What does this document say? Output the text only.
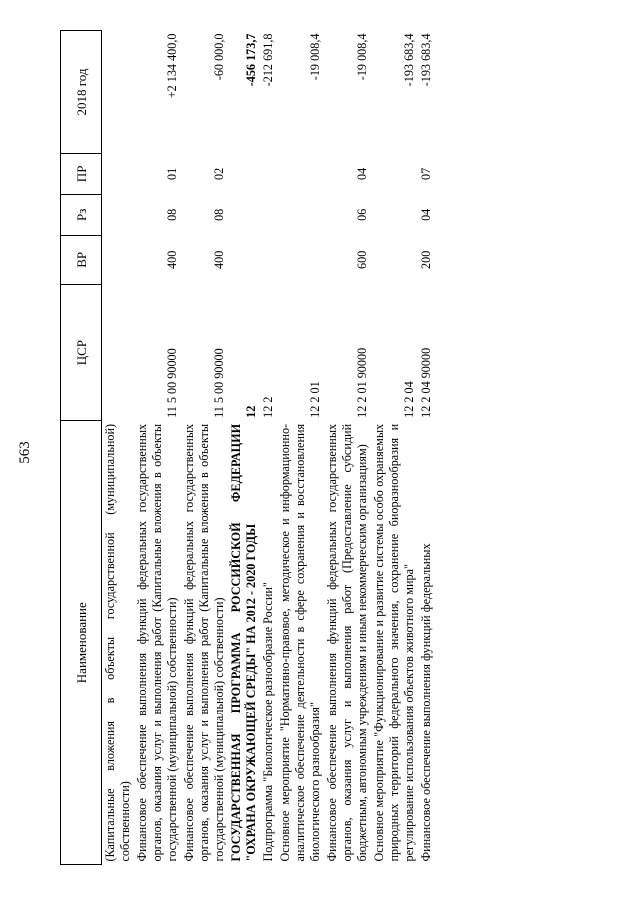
563
Наименование	ЦСР	ВР	Рз	ПР	2018 год
(Капитальные вложения в объекты государственной (муниципальной) собственности)					
Финансовое обеспечение выполнения функций федеральных государственных органов, оказания услуг и выполнения работ (Капитальные вложения в объекты государственной (муниципальной) собственности)	11 5 00 90000	400	08	01	+2 134 400,0
Финансовое обеспечение выполнения функций федеральных государственных органов, оказания услуг и выполнения работ (Капитальные вложения в объекты государственной (муниципальной) собственности)	11 5 00 90000	400	08	02	-60 000,0
ГОСУДАРСТВЕННАЯ ПРОГРАММА РОССИЙСКОЙ ФЕДЕРАЦИИ "ОХРАНА ОКРУЖАЮЩЕЙ СРЕДЫ" НА 2012 - 2020 ГОДЫ	12				-456 173,7
Подпрограмма "Биологическое разнообразие России"	12 2				-212 691,8
Основное мероприятие "Нормативно-правовое, методическое и информационно-аналитическое обеспечение деятельности в сфере сохранения и восстановления биологического разнообразия"	12 2 01				-19 008,4
Финансовое обеспечение выполнения функций федеральных государственных органов, оказания услуг и выполнения работ (Предоставление субсидий бюджетным, автономным учреждениям и иным некоммерческим организациям)	12 2 01 90000	600	06	04	-19 008,4
Основное мероприятие "Функционирование и развитие системы особо охраняемых природных территорий федерального значения, сохранение биоразнообразия и регулирование использования объектов животного мира"	12 2 04				-193 683,4
Финансовое обеспечение выполнения функций федеральных	12 2 04 90000	200	04	07	-193 683,4
